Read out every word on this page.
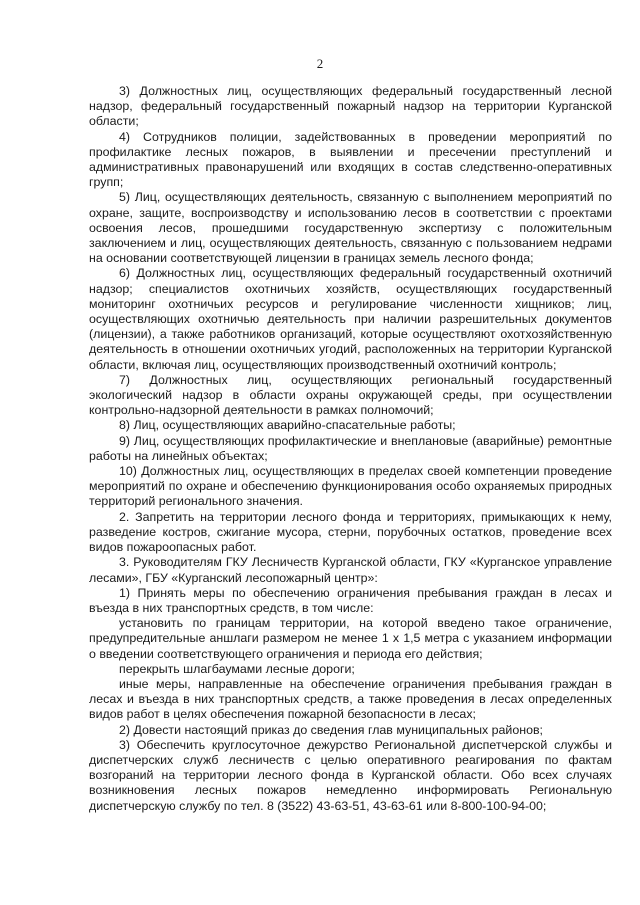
2

3) Должностных лиц, осуществляющих федеральный государственный лесной надзор, федеральный государственный пожарный надзор на территории Курганской области;

4) Сотрудников полиции, задействованных в проведении мероприятий по профилактике лесных пожаров, в выявлении и пресечении преступлений и административных правонарушений или входящих в состав следственно-оперативных групп;

5) Лиц, осуществляющих деятельность, связанную с выполнением мероприятий по охране, защите, воспроизводству и использованию лесов в соответствии с проектами освоения лесов, прошедшими государственную экспертизу с положительным заключением и лиц, осуществляющих деятельность, связанную с пользованием недрами на основании соответствующей лицензии в границах земель лесного фонда;

6) Должностных лиц, осуществляющих федеральный государственный охотничий надзор; специалистов охотничьих хозяйств, осуществляющих государственный мониторинг охотничьих ресурсов и регулирование численности хищников; лиц, осуществляющих охотничью деятельность при наличии разрешительных документов (лицензии), а также работников организаций, которые осуществляют охотхозяйственную деятельность в отношении охотничьих угодий, расположенных на территории Курганской области, включая лиц, осуществляющих производственный охотничий контроль;

7) Должностных лиц, осуществляющих региональный государственный экологический надзор в области охраны окружающей среды, при осуществлении контрольно-надзорной деятельности в рамках полномочий;

8) Лиц, осуществляющих аварийно-спасательные работы;

9) Лиц, осуществляющих профилактические и внеплановые (аварийные) ремонтные работы на линейных объектах;

10) Должностных лиц, осуществляющих в пределах своей компетенции проведение мероприятий по охране и обеспечению функционирования особо охраняемых природных территорий регионального значения.

2. Запретить на территории лесного фонда и территориях, примыкающих к нему, разведение костров, сжигание мусора, стерни, порубочных остатков, проведение всех видов пожароопасных работ.

3. Руководителям ГКУ Лесничеств Курганской области, ГКУ «Курганское управление лесами», ГБУ «Курганский лесопожарный центр»:

1) Принять меры по обеспечению ограничения пребывания граждан в лесах и въезда в них транспортных средств, в том числе:

установить по границам территории, на которой введено такое ограничение, предупредительные аншлаги размером не менее 1 х 1,5 метра с указанием информации о введении соответствующего ограничения и периода его действия;

перекрыть шлагбаумами лесные дороги;

иные меры, направленные на обеспечение ограничения пребывания граждан в лесах и въезда в них транспортных средств, а также проведения в лесах определенных видов работ в целях обеспечения пожарной безопасности в лесах;

2) Довести настоящий приказ до сведения глав муниципальных районов;

3) Обеспечить круглосуточное дежурство Региональной диспетчерской службы и диспетчерских служб лесничеств с целью оперативного реагирования по фактам возгораний на территории лесного фонда в Курганской области. Обо всех случаях возникновения лесных пожаров немедленно информировать Региональную диспетчерскую службу по тел. 8 (3522) 43-63-51, 43-63-61 или 8-800-100-94-00;
